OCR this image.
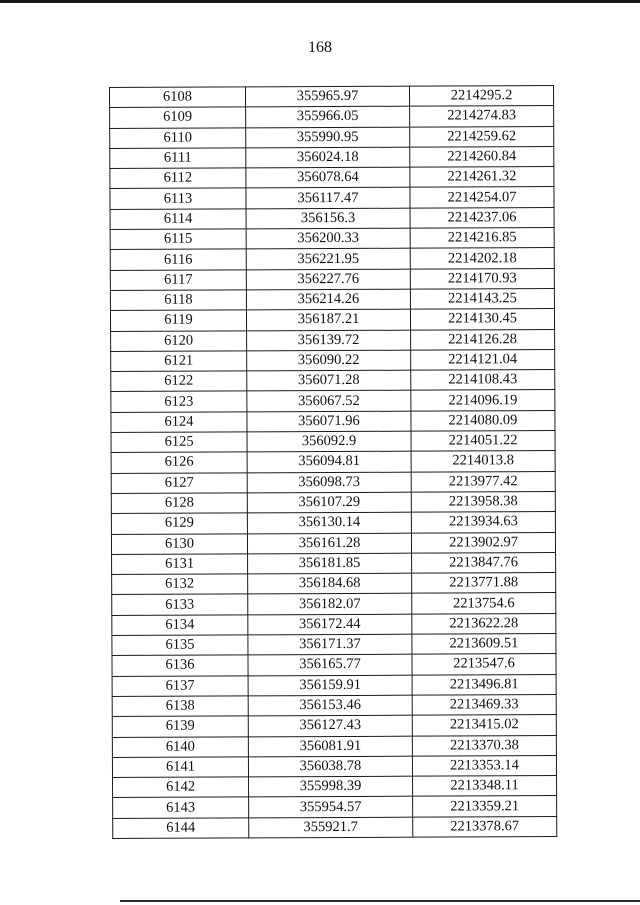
168
6108	355965.97	2214295.2
6109	355966.05	2214274.83
6110	355990.95	2214259.62
6111	356024.18	2214260.84
6112	356078.64	2214261.32
6113	356117.47	2214254.07
6114	356156.3	2214237.06
6115	356200.33	2214216.85
6116	356221.95	2214202.18
6117	356227.76	2214170.93
6118	356214.26	2214143.25
6119	356187.21	2214130.45
6120	356139.72	2214126.28
6121	356090.22	2214121.04
6122	356071.28	2214108.43
6123	356067.52	2214096.19
6124	356071.96	2214080.09
6125	356092.9	2214051.22
6126	356094.81	2214013.8
6127	356098.73	2213977.42
6128	356107.29	2213958.38
6129	356130.14	2213934.63
6130	356161.28	2213902.97
6131	356181.85	2213847.76
6132	356184.68	2213771.88
6133	356182.07	2213754.6
6134	356172.44	2213622.28
6135	356171.37	2213609.51
6136	356165.77	2213547.6
6137	356159.91	2213496.81
6138	356153.46	2213469.33
6139	356127.43	2213415.02
6140	356081.91	2213370.38
6141	356038.78	2213353.14
6142	355998.39	2213348.11
6143	355954.57	2213359.21
6144	355921.7	2213378.67
